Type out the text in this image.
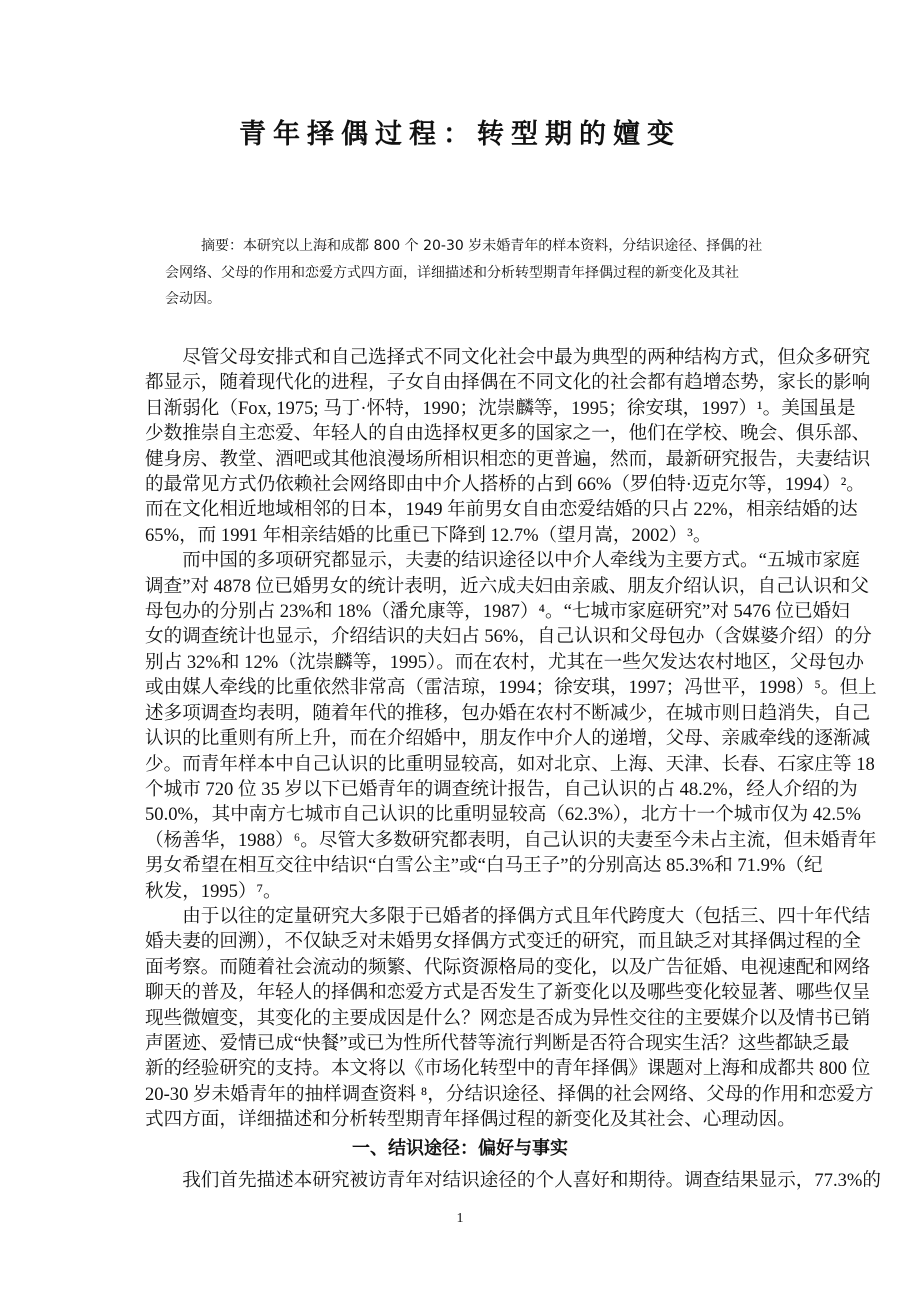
青年择偶过程：转型期的嬗变
摘要：本研究以上海和成都 800 个 20-30 岁未婚青年的样本资料，分结识途径、择偶的社
会网络、父母的作用和恋爱方式四方面，详细描述和分析转型期青年择偶过程的新变化及其社
会动因。
　　尽管父母安排式和自己选择式不同文化社会中最为典型的两种结构方式，但众多研究
都显示，随着现代化的进程，子女自由择偶在不同文化的社会都有趋增态势，家长的影响
日渐弱化（Fox, 1975; 马丁·怀特，1990；沈崇麟等，1995；徐安琪，1997）¹。美国虽是
少数推崇自主恋爱、年轻人的自由选择权更多的国家之一，他们在学校、晚会、俱乐部、
健身房、教堂、酒吧或其他浪漫场所相识相恋的更普遍，然而，最新研究报告，夫妻结识
的最常见方式仍依赖社会网络即由中介人搭桥的占到 66%（罗伯特·迈克尔等，1994）²。
而在文化相近地域相邻的日本，1949 年前男女自由恋爱结婚的只占 22%，相亲结婚的达
65%，而 1991 年相亲结婚的比重已下降到 12.7%（望月嵩，2002）³。
　　而中国的多项研究都显示，夫妻的结识途径以中介人牵线为主要方式。“五城市家庭
调查”对 4878 位已婚男女的统计表明，近六成夫妇由亲戚、朋友介绍认识，自己认识和父
母包办的分别占 23%和 18%（潘允康等，1987）⁴。“七城市家庭研究”对 5476 位已婚妇
女的调查统计也显示，介绍结识的夫妇占 56%，自己认识和父母包办（含媒婆介绍）的分
别占 32%和 12%（沈崇麟等，1995）。而在农村，尤其在一些欠发达农村地区，父母包办
或由媒人牵线的比重依然非常高（雷洁琼，1994；徐安琪，1997；冯世平，1998）⁵。但上
述多项调查均表明，随着年代的推移，包办婚在农村不断减少，在城市则日趋消失，自己
认识的比重则有所上升，而在介绍婚中，朋友作中介人的递增，父母、亲戚牵线的逐渐减
少。而青年样本中自己认识的比重明显较高，如对北京、上海、天津、长春、石家庄等 18
个城市 720 位 35 岁以下已婚青年的调查统计报告，自己认识的占 48.2%，经人介绍的为
50.0%，其中南方七城市自己认识的比重明显较高（62.3%），北方十一个城市仅为 42.5%
（杨善华，1988）⁶。尽管大多数研究都表明，自己认识的夫妻至今未占主流，但未婚青年
男女希望在相互交往中结识“白雪公主”或“白马王子”的分别高达 85.3%和 71.9%（纪
秋发，1995）⁷。
　　由于以往的定量研究大多限于已婚者的择偶方式且年代跨度大（包括三、四十年代结
婚夫妻的回溯），不仅缺乏对未婚男女择偶方式变迁的研究，而且缺乏对其择偶过程的全
面考察。而随着社会流动的频繁、代际资源格局的变化，以及广告征婚、电视速配和网络
聊天的普及，年轻人的择偶和恋爱方式是否发生了新变化以及哪些变化较显著、哪些仅呈
现些微嬗变，其变化的主要成因是什么？网恋是否成为异性交往的主要媒介以及情书已销
声匿迹、爱情已成“快餐”或已为性所代替等流行判断是否符合现实生活？这些都缺乏最
新的经验研究的支持。本文将以《市场化转型中的青年择偶》课题对上海和成都共 800 位
20-30 岁未婚青年的抽样调查资料 ⁸，分结识途径、择偶的社会网络、父母的作用和恋爱方
式四方面，详细描述和分析转型期青年择偶过程的新变化及其社会、心理动因。
一、结识途径：偏好与事实
　　我们首先描述本研究被访青年对结识途径的个人喜好和期待。调查结果显示，77.3%的
1
